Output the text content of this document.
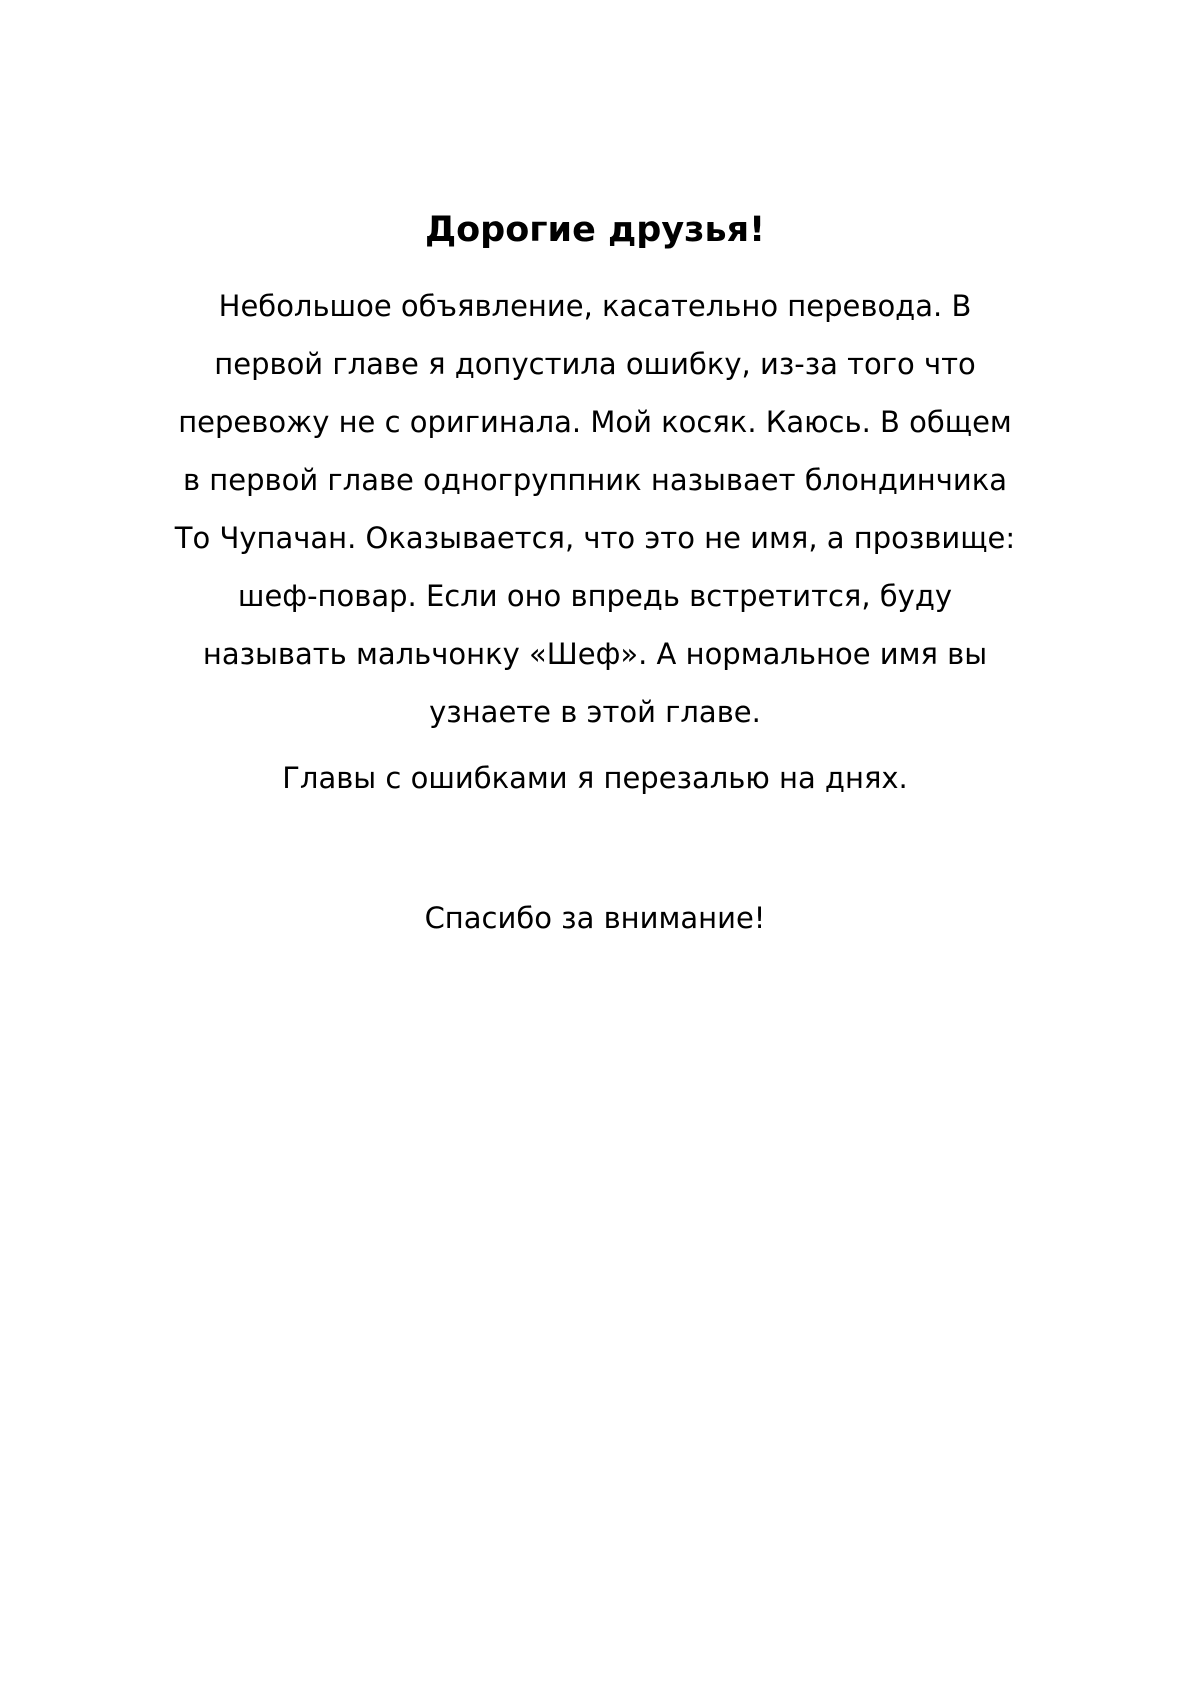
Дорогие друзья!

Небольшое объявление, касательно перевода. В
первой главе я допустила ошибку, из-за того что
перевожу не с оригинала. Мой косяк. Каюсь. В общем
в первой главе одногруппник называет блондинчика
То Чупачан. Оказывается, что это не имя, а прозвище:
шеф-повар. Если оно впредь встретится, буду
называть мальчонку «Шеф». А нормальное имя вы
узнаете в этой главе.

Главы с ошибками я перезалью на днях.

Спасибо за внимание!
